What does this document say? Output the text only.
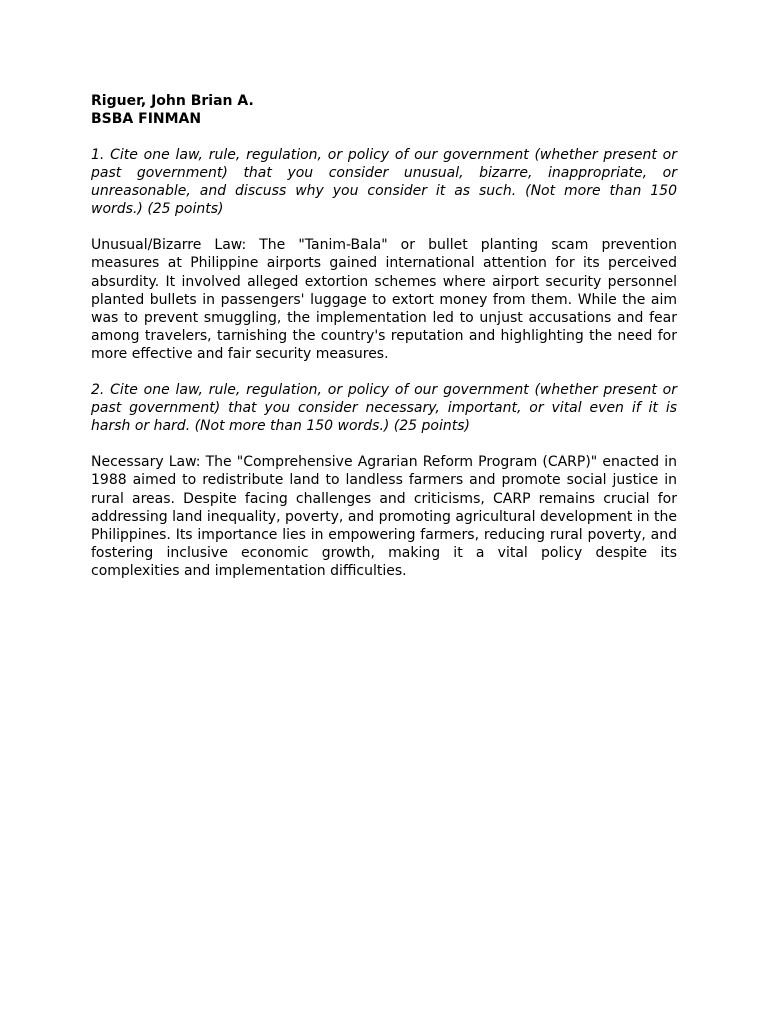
Riguer, John Brian A.

BSBA FINMAN

1. Cite one law, rule, regulation, or policy of our government (whether present or past government) that you consider unusual, bizarre, inappropriate, or unreasonable, and discuss why you consider it as such. (Not more than 150 words.) (25 points)

Unusual/Bizarre Law: The "Tanim-Bala" or bullet planting scam prevention measures at Philippine airports gained international attention for its perceived absurdity. It involved alleged extortion schemes where airport security personnel planted bullets in passengers' luggage to extort money from them. While the aim was to prevent smuggling, the implementation led to unjust accusations and fear among travelers, tarnishing the country's reputation and highlighting the need for more effective and fair security measures.

2. Cite one law, rule, regulation, or policy of our government (whether present or past government) that you consider necessary, important, or vital even if it is harsh or hard. (Not more than 150 words.) (25 points)

Necessary Law: The "Comprehensive Agrarian Reform Program (CARP)" enacted in 1988 aimed to redistribute land to landless farmers and promote social justice in rural areas. Despite facing challenges and criticisms, CARP remains crucial for addressing land inequality, poverty, and promoting agricultural development in the Philippines. Its importance lies in empowering farmers, reducing rural poverty, and fostering inclusive economic growth, making it a vital policy despite its complexities and implementation difficulties.
